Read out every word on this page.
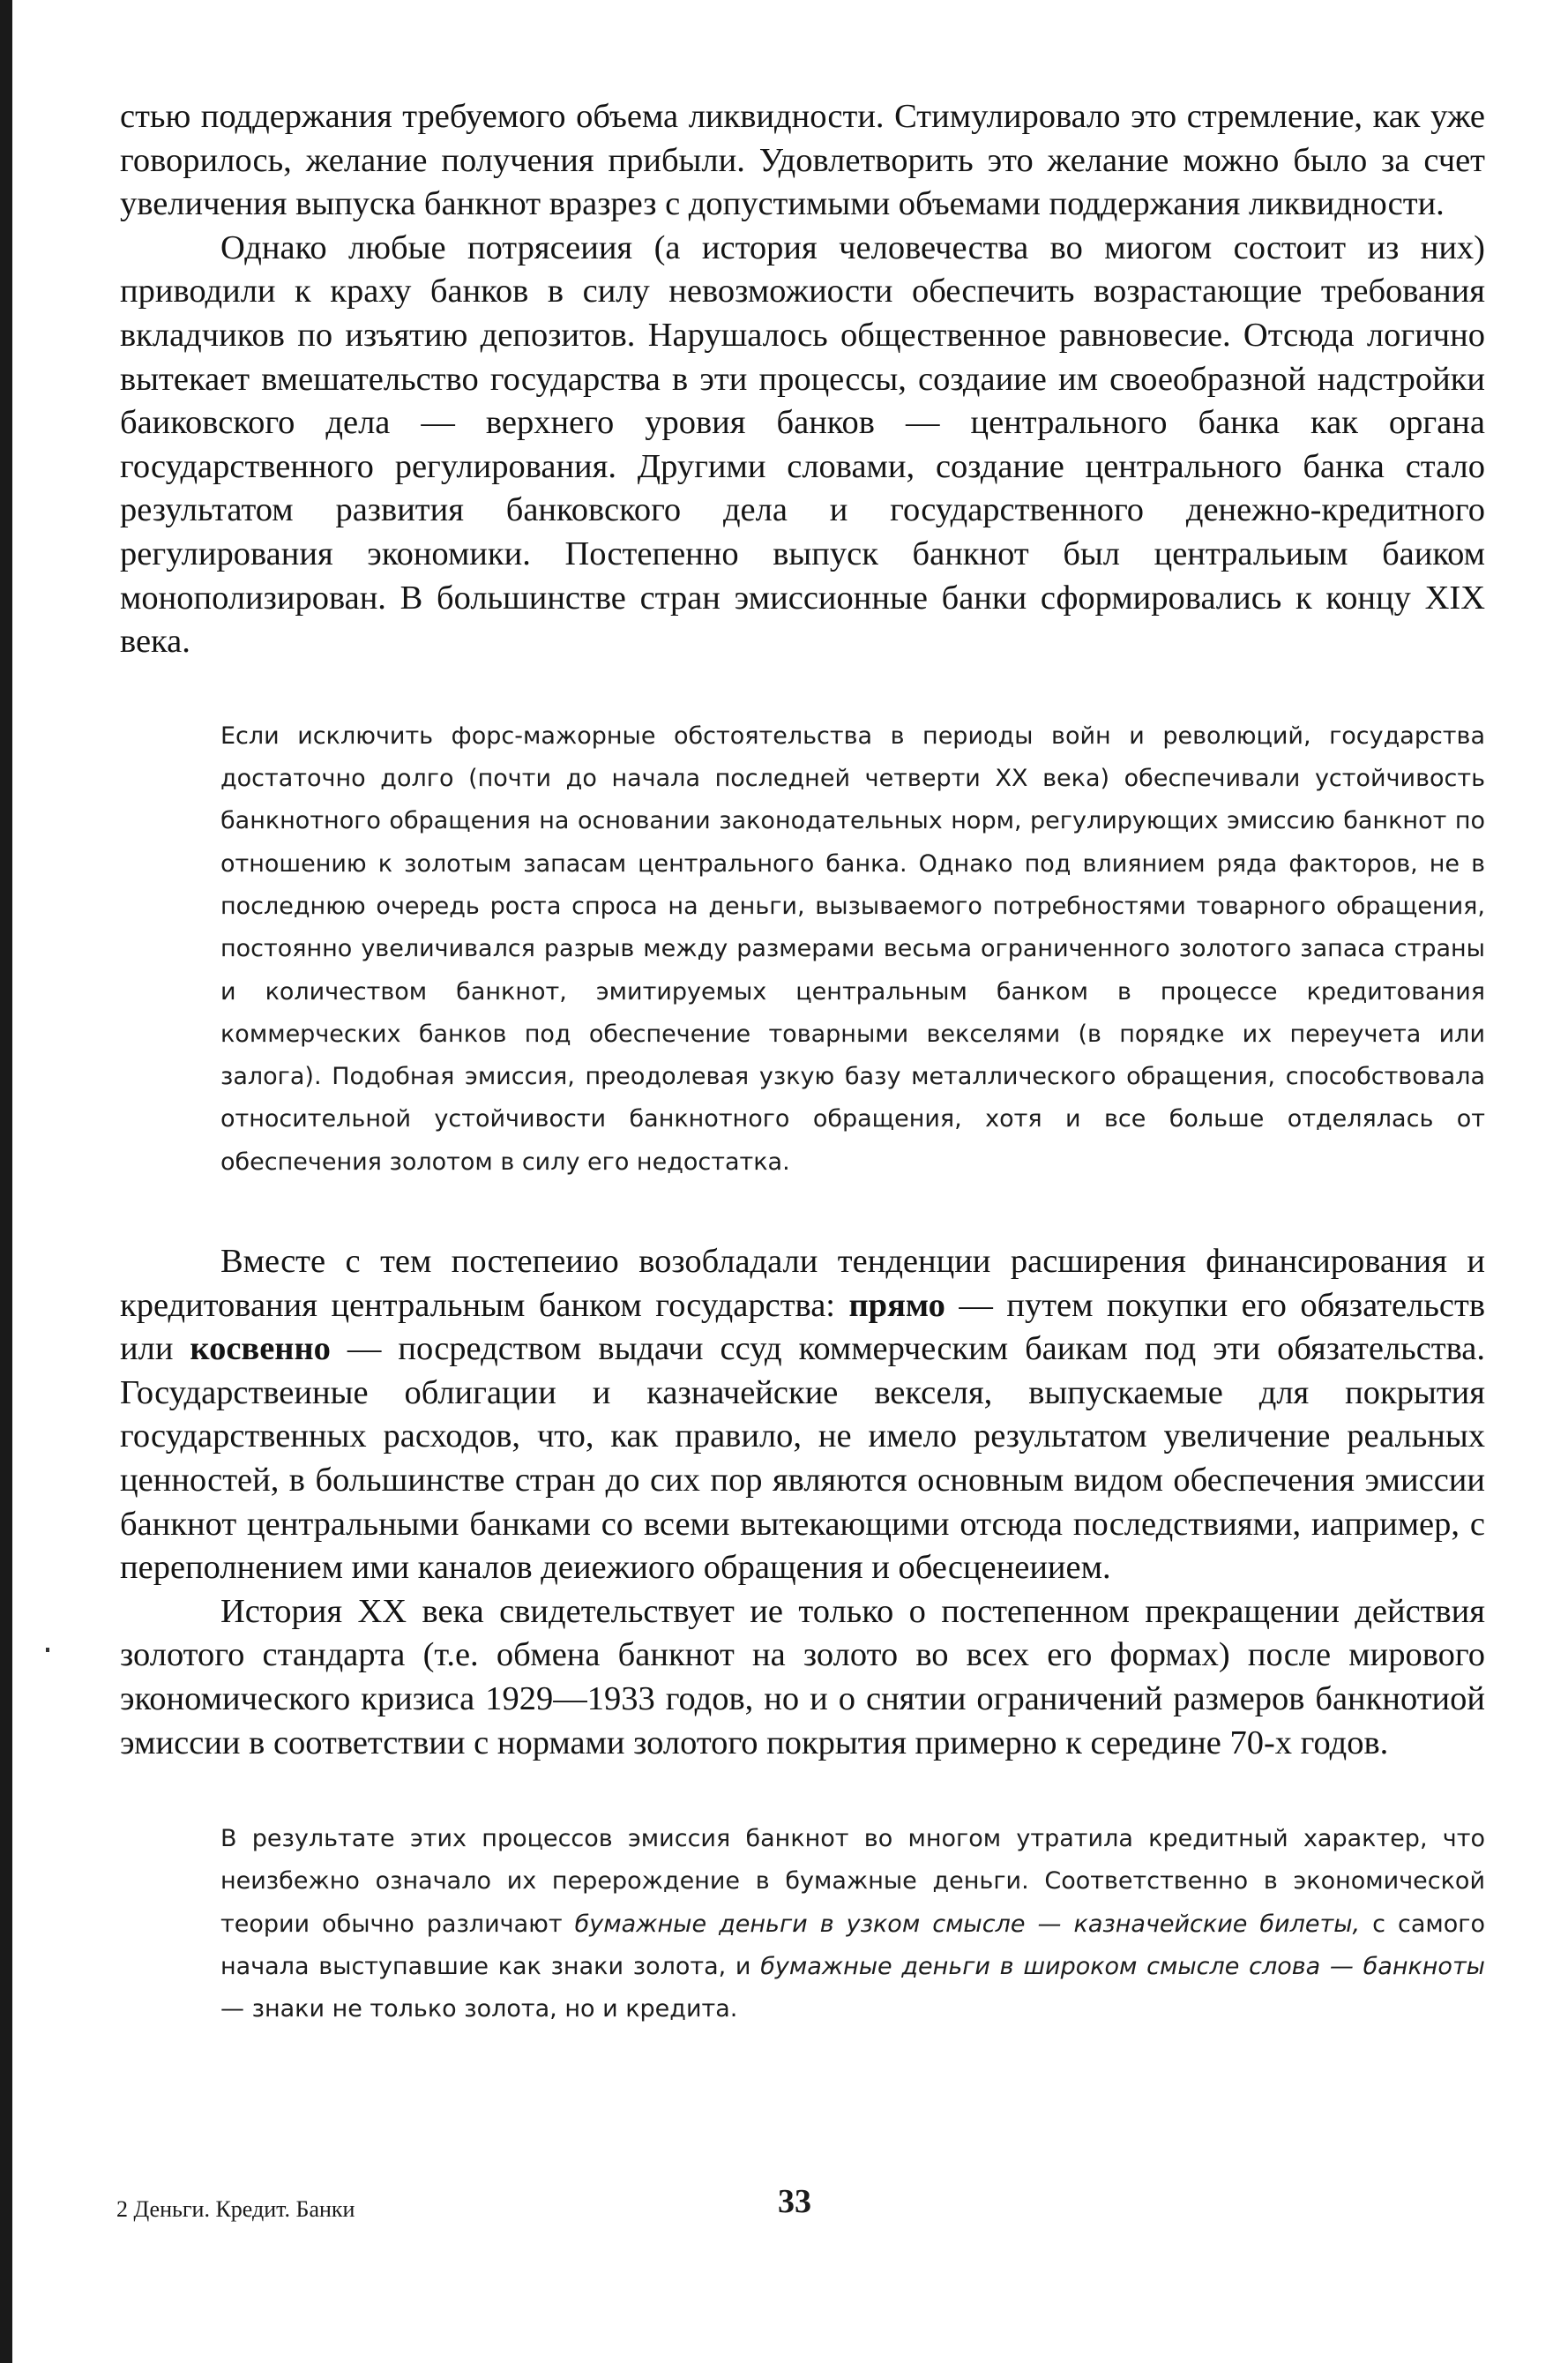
стью поддержания требуемого объема ликвидности. Стимулировало это стремление, как уже говорилось, желание получения прибыли. Удовлетворить это желание можно было за счет увеличения выпуска банкнот вразрез с допустимыми объемами поддержания ликвидности.

Однако любые потрясеиия (а история человечества во миогом состоит из них) приводили к краху банков в силу невозможиости обеспечить возрастающие требования вкладчиков по изъятию депозитов. Нарушалось общественное равновесие. Отсюда логично вытекает вмешательство государства в эти процессы, создаиие им своеобразной надстройки баиковского дела — верхнего уровия банков — центрального банка как органа государственного регулирования. Другими словами, создание центрального банка стало результатом развития банковского дела и государственного денежно-кредитного регулирования экономики. Постепенно выпуск банкнот был центральиым баиком монополизирован. В большинстве стран эмиссионные банки сформировались к концу XIX века.

Если исключить форс-мажорные обстоятельства в периоды войн и революций, государства достаточно долго (почти до начала последней четверти XX века) обеспечивали устойчивость банкнотного обращения на основании законодательных норм, регулирующих эмиссию банкнот по отношению к золотым запасам центрального банка. Однако под влиянием ряда факторов, не в последнюю очередь роста спроса на деньги, вызываемого потребностями товарного обращения, постоянно увеличивался разрыв между размерами весьма ограниченного золотого запаса страны и количеством банкнот, эмитируемых центральным банком в процессе кредитования коммерческих банков под обеспечение товарными векселями (в порядке их переучета или залога). Подобная эмиссия, преодолевая узкую базу металлического обращения, способствовала относительной устойчивости банкнотного обращения, хотя и все больше отделялась от обеспечения золотом в силу его недостатка.

Вместе с тем постепеиио возобладали тенденции расширения финансирования и кредитования центральным банком государства: прямо — путем покупки его обязательств или косвенно — посредством выдачи ссуд коммерческим баикам под эти обязательства. Государствеиные облигации и казначейские векселя, выпускаемые для покрытия государственных расходов, что, как правило, не имело результатом увеличение реальных ценностей, в большинстве стран до сих пор являются основным видом обеспечения эмиссии банкнот центральными банками со всеми вытекающими отсюда последствиями, иапример, с переполнением ими каналов деиежиого обращения и обесценеиием.

История XX века свидетельствует ие только о постепенном прекращении действия золотого стандарта (т.е. обмена банкнот на золото во всех его формах) после мирового экономического кризиса 1929—1933 годов, но и о снятии ограничений размеров банкнотиой эмиссии в соответствии с нормами золотого покрытия примерно к середине 70-х годов.

В результате этих процессов эмиссия банкнот во многом утратила кредитный характер, что неизбежно означало их перерождение в бумажные деньги. Соответственно в экономической теории обычно различают бумажные деньги в узком смысле — казначейские билеты, с самого начала выступавшие как знаки золота, и бумажные деньги в широком смысле слова — банкноты — знаки не только золота, но и кредита.

2 Деньги. Кредит. Банки	33
